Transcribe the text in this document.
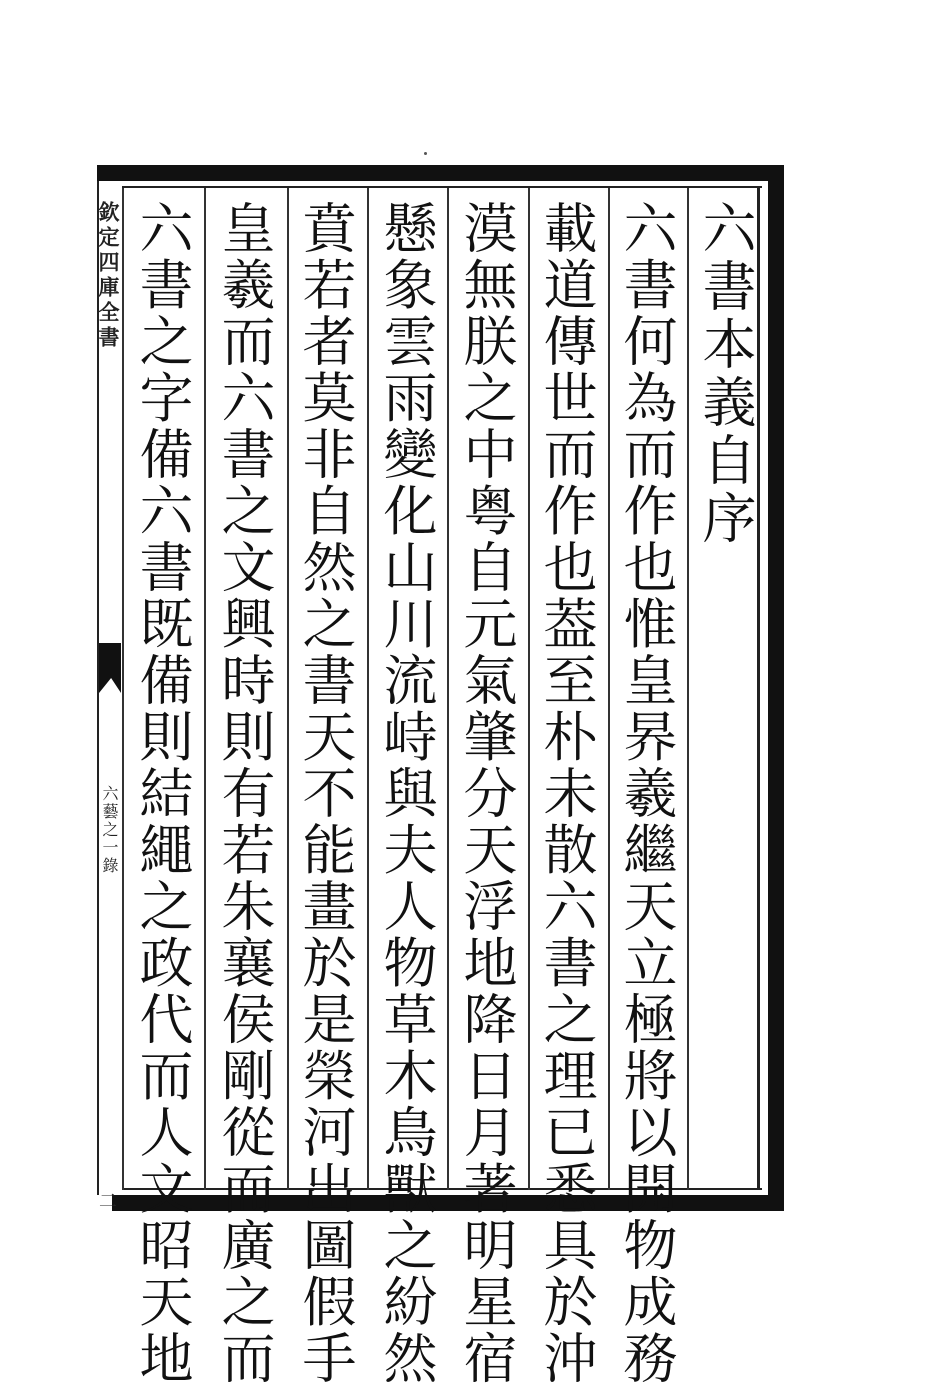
欽定四庫全書
六藝之一錄
二
六書本義自序
六書何為而作也惟皇昦羲繼天立極將以開物成務
載道傳世而作也葢至朴未散六書之理已悉具於沖
漠無朕之中粤自元氣肇分天浮地降日月著明星宿
懸象雲雨變化山川流峙與夫人物草木鳥獸之紛然
賁若者莫非自然之書天不能畫於是榮河出圖假手
皇羲而六書之文興時則有若朱襄侯剛從而廣之而
六書之字備六書既備則結繩之政代而人文昭天地
